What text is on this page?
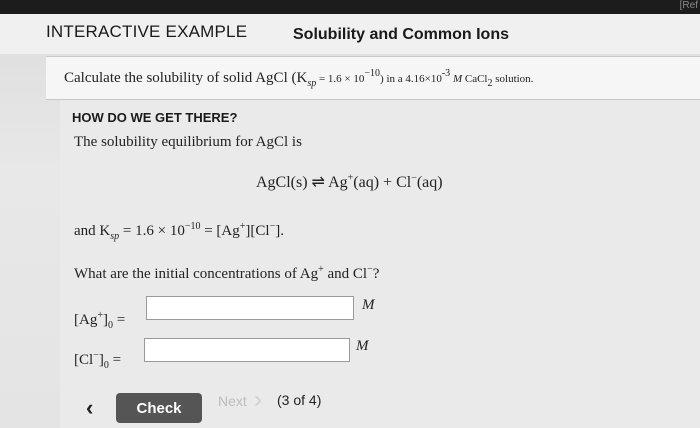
[Ref
INTERACTIVE EXAMPLE	Solubility and Common Ions
Calculate the solubility of solid AgCl $(K_{sp} = 1.6 \times 10^{-10})$ in a $4.16\times 10^{-3}$ M CaCl$_2$ solution.
HOW DO WE GET THERE?
The solubility equilibrium for AgCl is
AgCl(s) ⇌ Ag+(aq) + Cl−(aq)
and $K_{sp} = 1.6 \times 10^{-10} = [Ag^+][Cl^-]$.
What are the initial concentrations of Ag+ and Cl−?
$[Ag^+]_0$ =
M
$[Cl^-]_0$ =
M
‹	Check	Next › (3 of 4)
